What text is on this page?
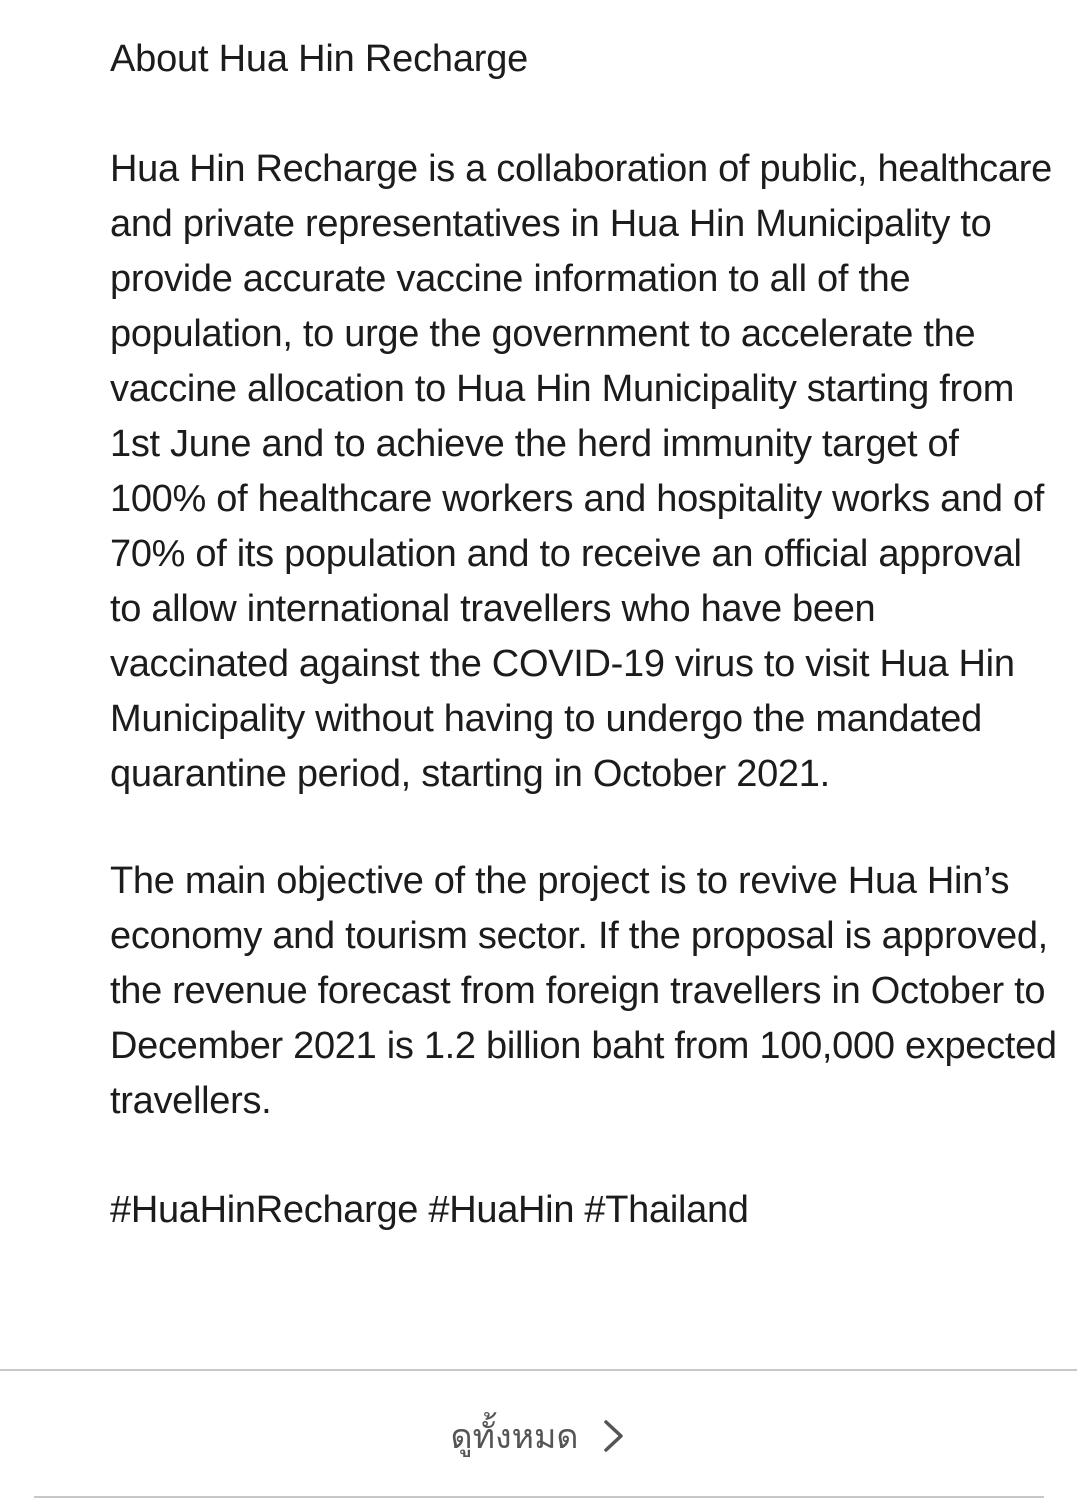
About Hua Hin Recharge

Hua Hin Recharge is a collaboration of public, healthcare and private representatives in Hua Hin Municipality to provide accurate vaccine information to all of the population, to urge the government to accelerate the vaccine allocation to Hua Hin Municipality starting from 1st June and to achieve the herd immunity target of 100% of healthcare workers and hospitality works and of 70% of its population and to receive an official approval to allow international travellers who have been vaccinated against the COVID-19 virus to visit Hua Hin Municipality without having to undergo the mandated quarantine period, starting in October 2021.

The main objective of the project is to revive Hua Hin’s economy and tourism sector. If the proposal is approved, the revenue forecast from foreign travellers in October to December 2021 is 1.2 billion baht from 100,000 expected travellers.

#HuaHinRecharge #HuaHin #Thailand
ดูทั้งหมด
